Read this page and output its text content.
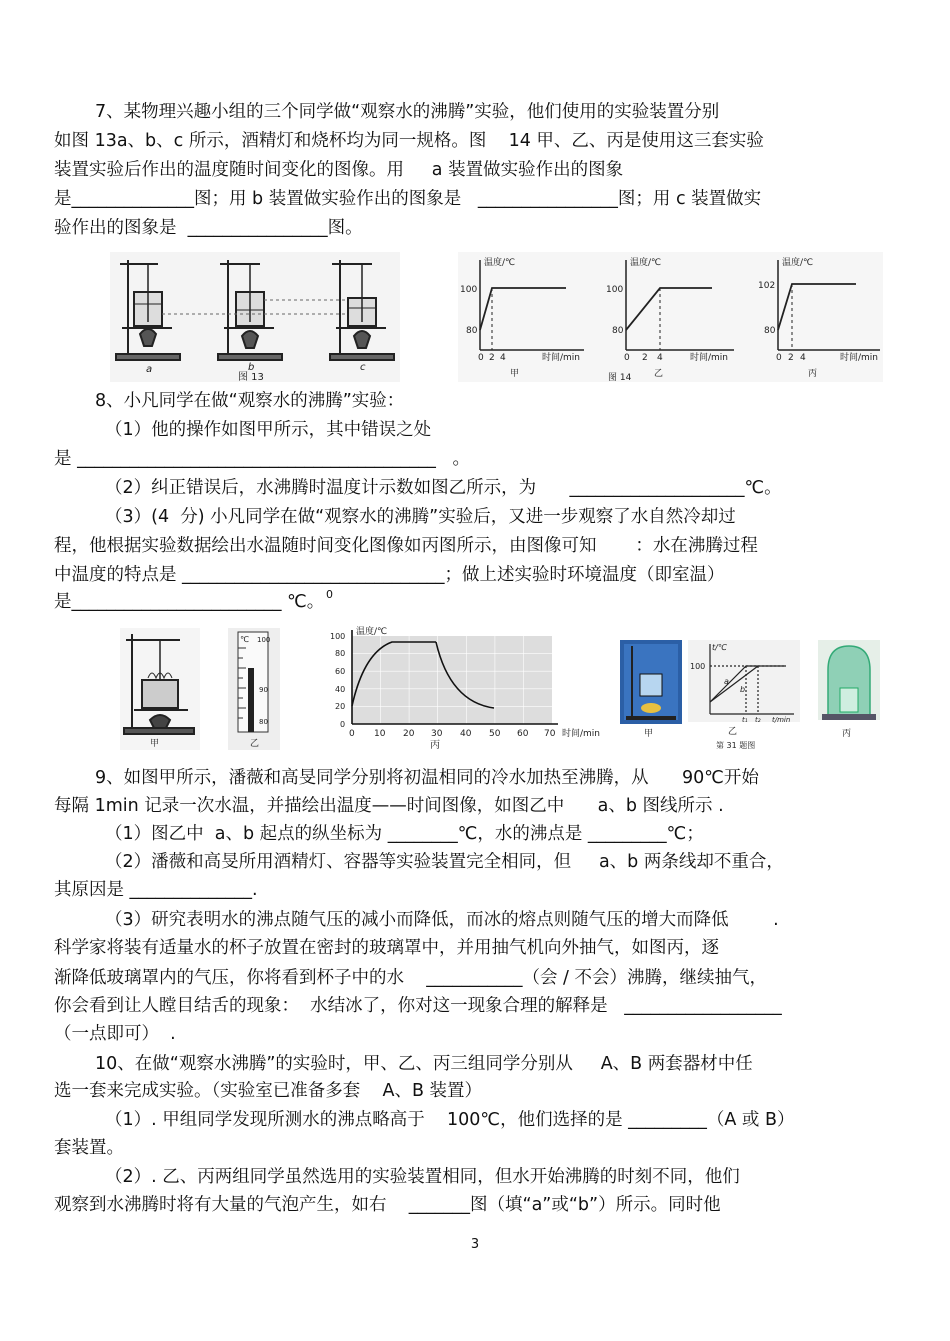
7、某物理兴趣小组的三个同学做“观察水的沸腾”实验，他们使用的实验装置分别
如图 13a、b、c 所示，酒精灯和烧杯均为同一规格。图    14 甲、乙、丙是使用这三套实验
装置实验后作出的温度随时间变化的图像。用     a 装置做实验作出的图象
是______________图；用 b 装置做实验作出的图象是   ________________图；用 c 装置做实
验作出的图象是  ________________图。
a	b	c
图 13
温度/℃
100
80
0 2 4	时间/min
甲
温度/℃
100
80
0 2 4	时间/min
乙
图 14
温度/℃
102
80
0 2 4	时间/min
丙
8、小凡同学在做“观察水的沸腾”实验：
（1）他的操作如图甲所示，其中错误之处
是 _________________________________________   。
（2）纠正错误后，水沸腾时温度计示数如图乙所示，为      ____________________℃。
（3）(4  分) 小凡同学在做“观察水的沸腾”实验后，又进一步观察了水自然冷却过
程，他根据实验数据绘出水温随时间变化图像如丙图所示，由图像可知       ：水在沸腾过程
中温度的特点是 ______________________________；做上述实验时环境温度（即室温）
是________________________ ℃。 0
甲
℃ 100
90
80
乙
温度/℃
100
80
60
40
20
0
0 10 20 30 40 50 60 70 时间/min
丙
甲
t/℃
100
a
b
t₁ t₂ t/min
乙
第 31 题图
丙
9、如图甲所示，潘薇和高旻同学分别将初温相同的冷水加热至沸腾，从      90℃开始
每隔 1min 记录一次水温，并描绘出温度——时间图像，如图乙中      a、b 图线所示 .
（1）图乙中  a、b 起点的纵坐标为 ________℃，水的沸点是 _________℃；
（2）潘薇和高旻所用酒精灯、容器等实验装置完全相同，但     a、b 两条线却不重合，
其原因是 ______________.
（3）研究表明水的沸点随气压的减小而降低，而冰的熔点则随气压的增大而降低        .
科学家将装有适量水的杯子放置在密封的玻璃罩中，并用抽气机向外抽气，如图丙，逐
渐降低玻璃罩内的气压，你将看到杯子中的水    ___________（会 / 不会）沸腾，继续抽气，
你会看到让人瞠目结舌的现象：  水结冰了，你对这一现象合理的解释是   __________________
（一点即可）  .
10、在做“观察水沸腾”的实验时，甲、乙、丙三组同学分别从     A、B 两套器材中任
选一套来完成实验。（实验室已准备多套    A、B 装置）
（1）. 甲组同学发现所测水的沸点略高于    100℃，他们选择的是 _________（A 或 B）
套装置。
（2）. 乙、丙两组同学虽然选用的实验装置相同，但水开始沸腾的时刻不同，他们
观察到水沸腾时将有大量的气泡产生，如右    _______图（填“a”或“b”）所示。同时他
3
